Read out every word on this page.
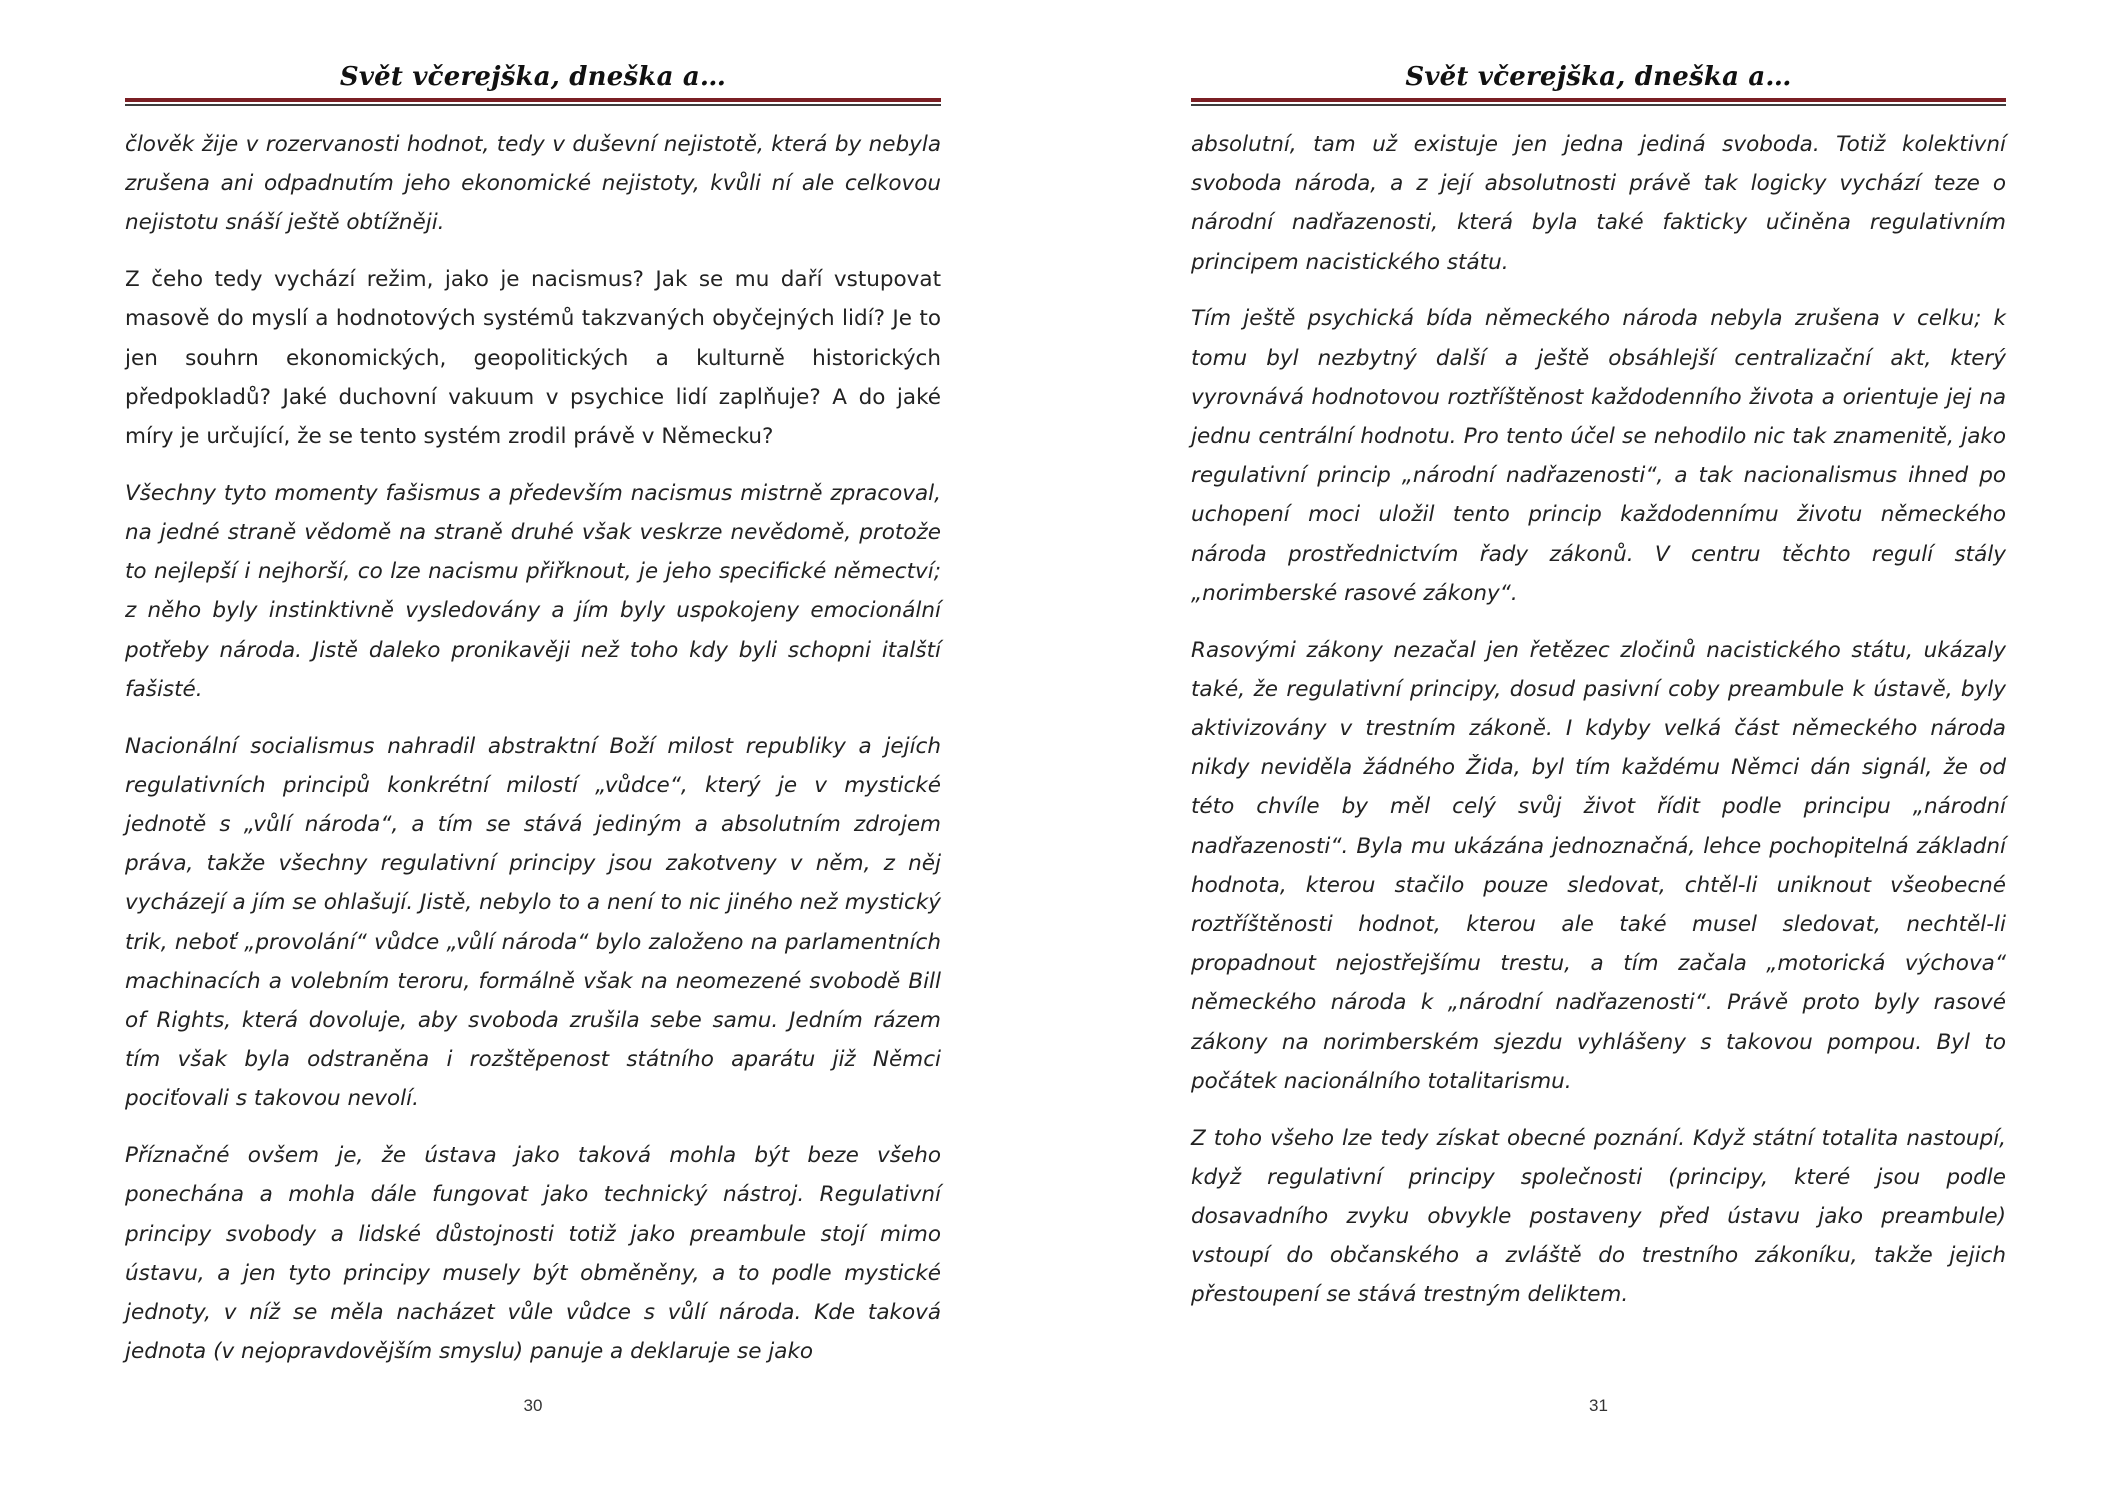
Svět včerejška, dneška a…

člověk žije v rozervanosti hodnot, tedy v duševní nejistotě, která by nebyla zrušena ani odpadnutím jeho ekonomické nejistoty, kvůli ní ale celkovou nejistotu snáší ještě obtížněji.

Z čeho tedy vychází režim, jako je nacismus? Jak se mu daří vstupovat masově do myslí a hodnotových systémů takzvaných obyčejných lidí? Je to jen souhrn ekonomických, geopolitických a kulturně historických předpokladů? Jaké duchovní vakuum v psychice lidí zaplňuje? A do jaké míry je určující, že se tento systém zrodil právě v Německu?

Všechny tyto momenty fašismus a především nacismus mistrně zpracoval, na jedné straně vědomě na straně druhé však veskrze nevědomě, protože to nejlepší i nejhorší, co lze nacismu přiřknout, je jeho specifické němectví; z něho byly instinktivně vysledovány a jím byly uspokojeny emocionální potřeby národa. Jistě daleko pronikavěji než toho kdy byli schopni italští fašisté.

Nacionální socialismus nahradil abstraktní Boží milost republiky a jejích regulativních principů konkrétní milostí „vůdce“, který je v mystické jednotě s „vůlí národa“, a tím se stává jediným a absolutním zdrojem práva, takže všechny regulativní principy jsou zakotveny v něm, z něj vycházejí a jím se ohlašují. Jistě, nebylo to a není to nic jiného než mystický trik, neboť „provolání“ vůdce „vůlí národa“ bylo založeno na parlamentních machinacích a volebním teroru, formálně však na neomezené svobodě Bill of Rights, která dovoluje, aby svoboda zrušila sebe samu. Jedním rázem tím však byla odstraněna i rozštěpenost státního aparátu již Němci pociťovali s takovou nevolí.

Příznačné ovšem je, že ústava jako taková mohla být beze všeho ponechána a mohla dále fungovat jako technický nástroj. Regulativní principy svobody a lidské důstojnosti totiž jako preambule stojí mimo ústavu, a jen tyto principy musely být obměněny, a to podle mystické jednoty, v níž se měla nacházet vůle vůdce s vůlí národa. Kde taková jednota (v nejopravdovějším smyslu) panuje a deklaruje se jako

30
Svět včerejška, dneška a…

absolutní, tam už existuje jen jedna jediná svoboda. Totiž kolektivní svoboda národa, a z její absolutnosti právě tak logicky vychází teze o národní nadřazenosti, která byla také fakticky učiněna regulativním principem nacistického státu.

Tím ještě psychická bída německého národa nebyla zrušena v celku; k tomu byl nezbytný další a ještě obsáhlejší centralizační akt, který vyrovnává hodnotovou roztříštěnost každodenního života a orientuje jej na jednu centrální hodnotu. Pro tento účel se nehodilo nic tak znamenitě, jako regulativní princip „národní nadřazenosti“, a tak nacionalismus ihned po uchopení moci uložil tento princip každodennímu životu německého národa prostřednictvím řady zákonů. V centru těchto regulí stály „norimberské rasové zákony“.

Rasovými zákony nezačal jen řetězec zločinů nacistického státu, ukázaly také, že regulativní principy, dosud pasivní coby preambule k ústavě, byly aktivizovány v trestním zákoně. I kdyby velká část německého národa nikdy neviděla žádného Žida, byl tím každému Němci dán signál, že od této chvíle by měl celý svůj život řídit podle principu „národní nadřazenosti“. Byla mu ukázána jednoznačná, lehce pochopitelná základní hodnota, kterou stačilo pouze sledovat, chtěl-li uniknout všeobecné roztříštěnosti hodnot, kterou ale také musel sledovat, nechtěl-li propadnout nejostřejšímu trestu, a tím začala „motorická výchova“ německého národa k „národní nadřazenosti“. Právě proto byly rasové zákony na norimberském sjezdu vyhlášeny s takovou pompou. Byl to počátek nacionálního totalitarismu.

Z toho všeho lze tedy získat obecné poznání. Když státní totalita nastoupí, když regulativní principy společnosti (principy, které jsou podle dosavadního zvyku obvykle postaveny před ústavu jako preambule) vstoupí do občanského a zvláště do trestního zákoníku, takže jejich přestoupení se stává trestným deliktem.

31
